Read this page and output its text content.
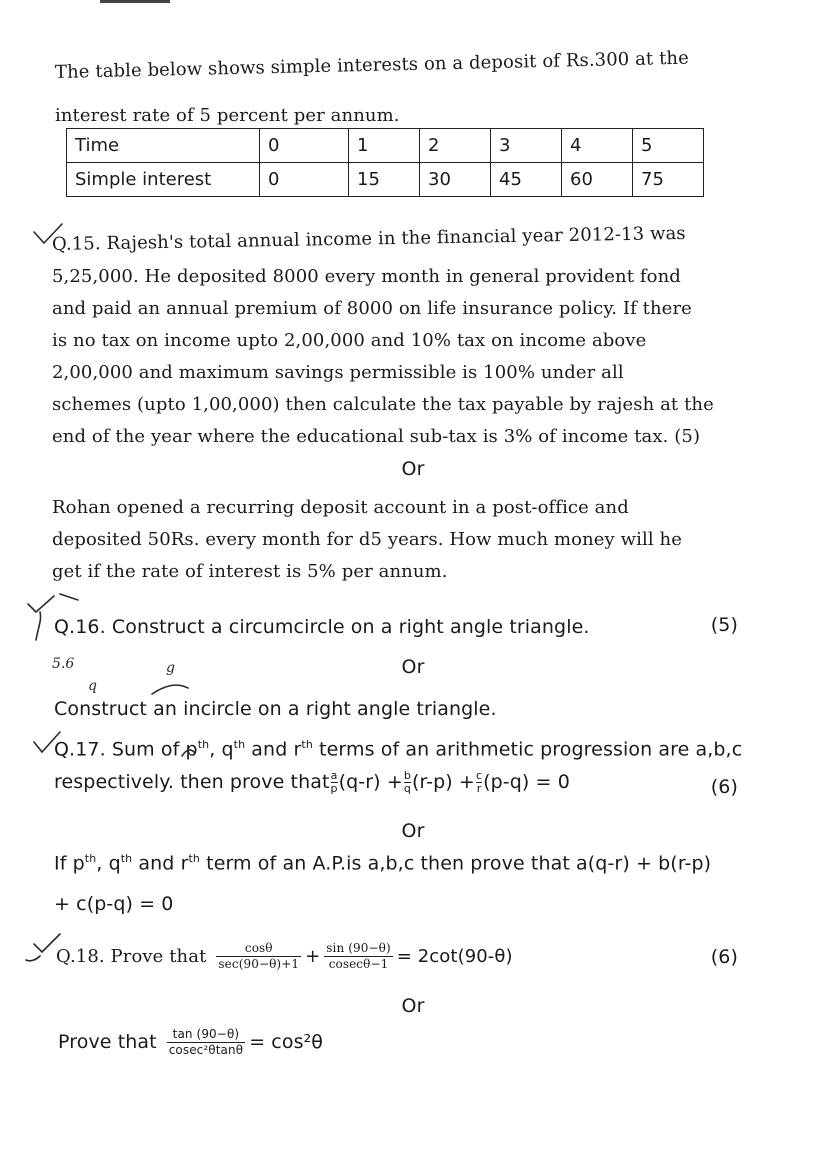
The table below shows simple interests on a deposit of Rs.300 at the
interest rate of 5 percent per annum.
Time	0	1	2	3	4	5
Simple interest	0	15	30	45	60	75
Q.15. Rajesh's total annual income in the financial year 2012-13 was
5,25,000. He deposited 8000 every month in general provident fond
and paid an annual premium of 8000 on life insurance policy. If there
is no tax on income upto 2,00,000 and 10% tax on income above
2,00,000 and maximum savings permissible is 100% under all
schemes (upto 1,00,000) then calculate the tax payable by rajesh at the
end of the year where the educational sub-tax is 3% of income tax. (5)
Or
Rohan opened a recurring deposit account in a post-office and
deposited 50Rs. every month for d5 years. How much money will he
get if the rate of interest is 5% per annum.
Q.16. Construct a circumcircle on a right angle triangle.	(5)
Or
Construct an incircle on a right angle triangle.
Q.17. Sum of $p^{th}$, $q^{th}$ and $r^{th}$ terms of an arithmetic progression are a,b,c
respectively. then prove that $\frac{a}{p}(q-r) + \frac{b}{q}(r-p) + \frac{c}{r}(p-q) = 0$	(6)
Or
If $p^{th}$, $q^{th}$ and $r^{th}$ term of an A.P.is a,b,c then prove that a(q-r) + b(r-p)
+ c(p-q) = 0
Q.18. Prove that $\frac{\cos\theta}{\sec(90-\theta)+1} + \frac{\sin (90-\theta)}{cosec\theta-1} = 2\cot(90-\theta)$	(6)
Or
Prove that $\frac{\tan (90-\theta)}{\text{cosec²θtanθ}} = \cos^2\theta$
5.6
q
g
